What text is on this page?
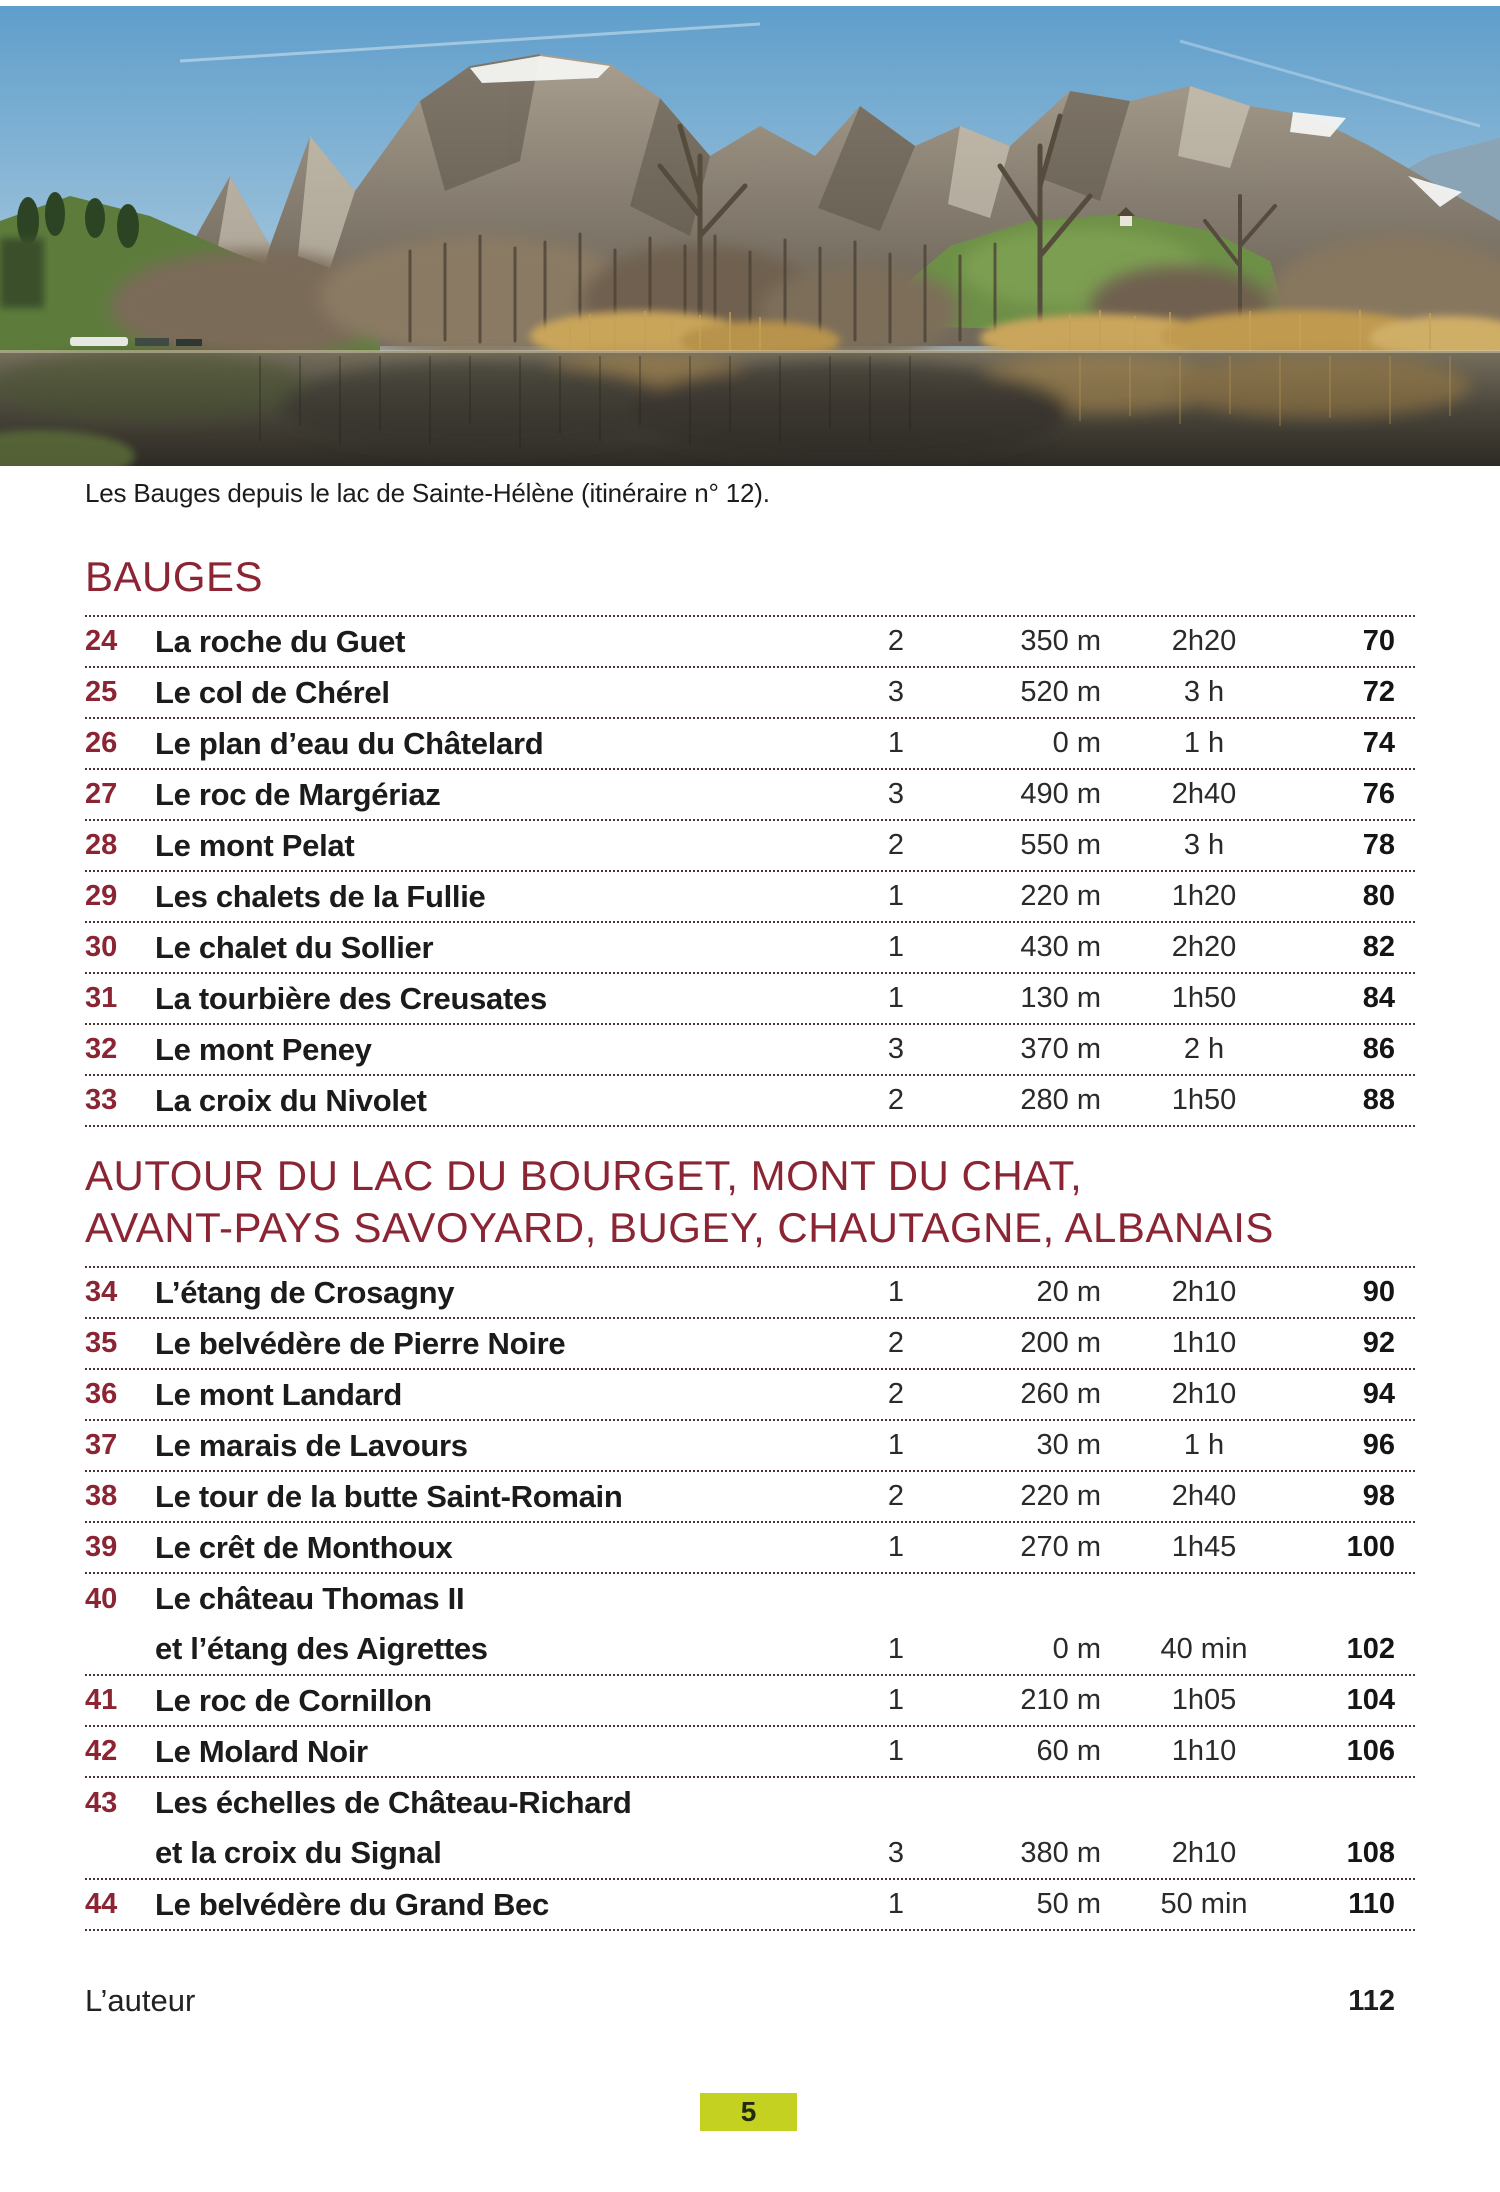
Les Bauges depuis le lac de Sainte-Hélène (itinéraire n° 12).
BAUGES
24	La roche du Guet	2	350 m	2h20	70
25	Le col de Chérel	3	520 m	3 h	72
26	Le plan d’eau du Châtelard	1	0 m	1 h	74
27	Le roc de Margériaz	3	490 m	2h40	76
28	Le mont Pelat	2	550 m	3 h	78
29	Les chalets de la Fullie	1	220 m	1h20	80
30	Le chalet du Sollier	1	430 m	2h20	82
31	La tourbière des Creusates	1	130 m	1h50	84
32	Le mont Peney	3	370 m	2 h	86
33	La croix du Nivolet	2	280 m	1h50	88
AUTOUR DU LAC DU BOURGET, MONT DU CHAT,
AVANT-PAYS SAVOYARD, BUGEY, CHAUTAGNE, ALBANAIS
34	L’étang de Crosagny	1	20 m	2h10	90
35	Le belvédère de Pierre Noire	2	200 m	1h10	92
36	Le mont Landard	2	260 m	2h10	94
37	Le marais de Lavours	1	30 m	1 h	96
38	Le tour de la butte Saint-Romain	2	220 m	2h40	98
39	Le crêt de Monthoux	1	270 m	1h45	100
40	Le château Thomas II
et l’étang des Aigrettes	1	0 m	40 min	102
41	Le roc de Cornillon	1	210 m	1h05	104
42	Le Molard Noir	1	60 m	1h10	106
43	Les échelles de Château-Richard
et la croix du Signal	3	380 m	2h10	108
44	Le belvédère du Grand Bec	1	50 m	50 min	110
L’auteur	112
5
